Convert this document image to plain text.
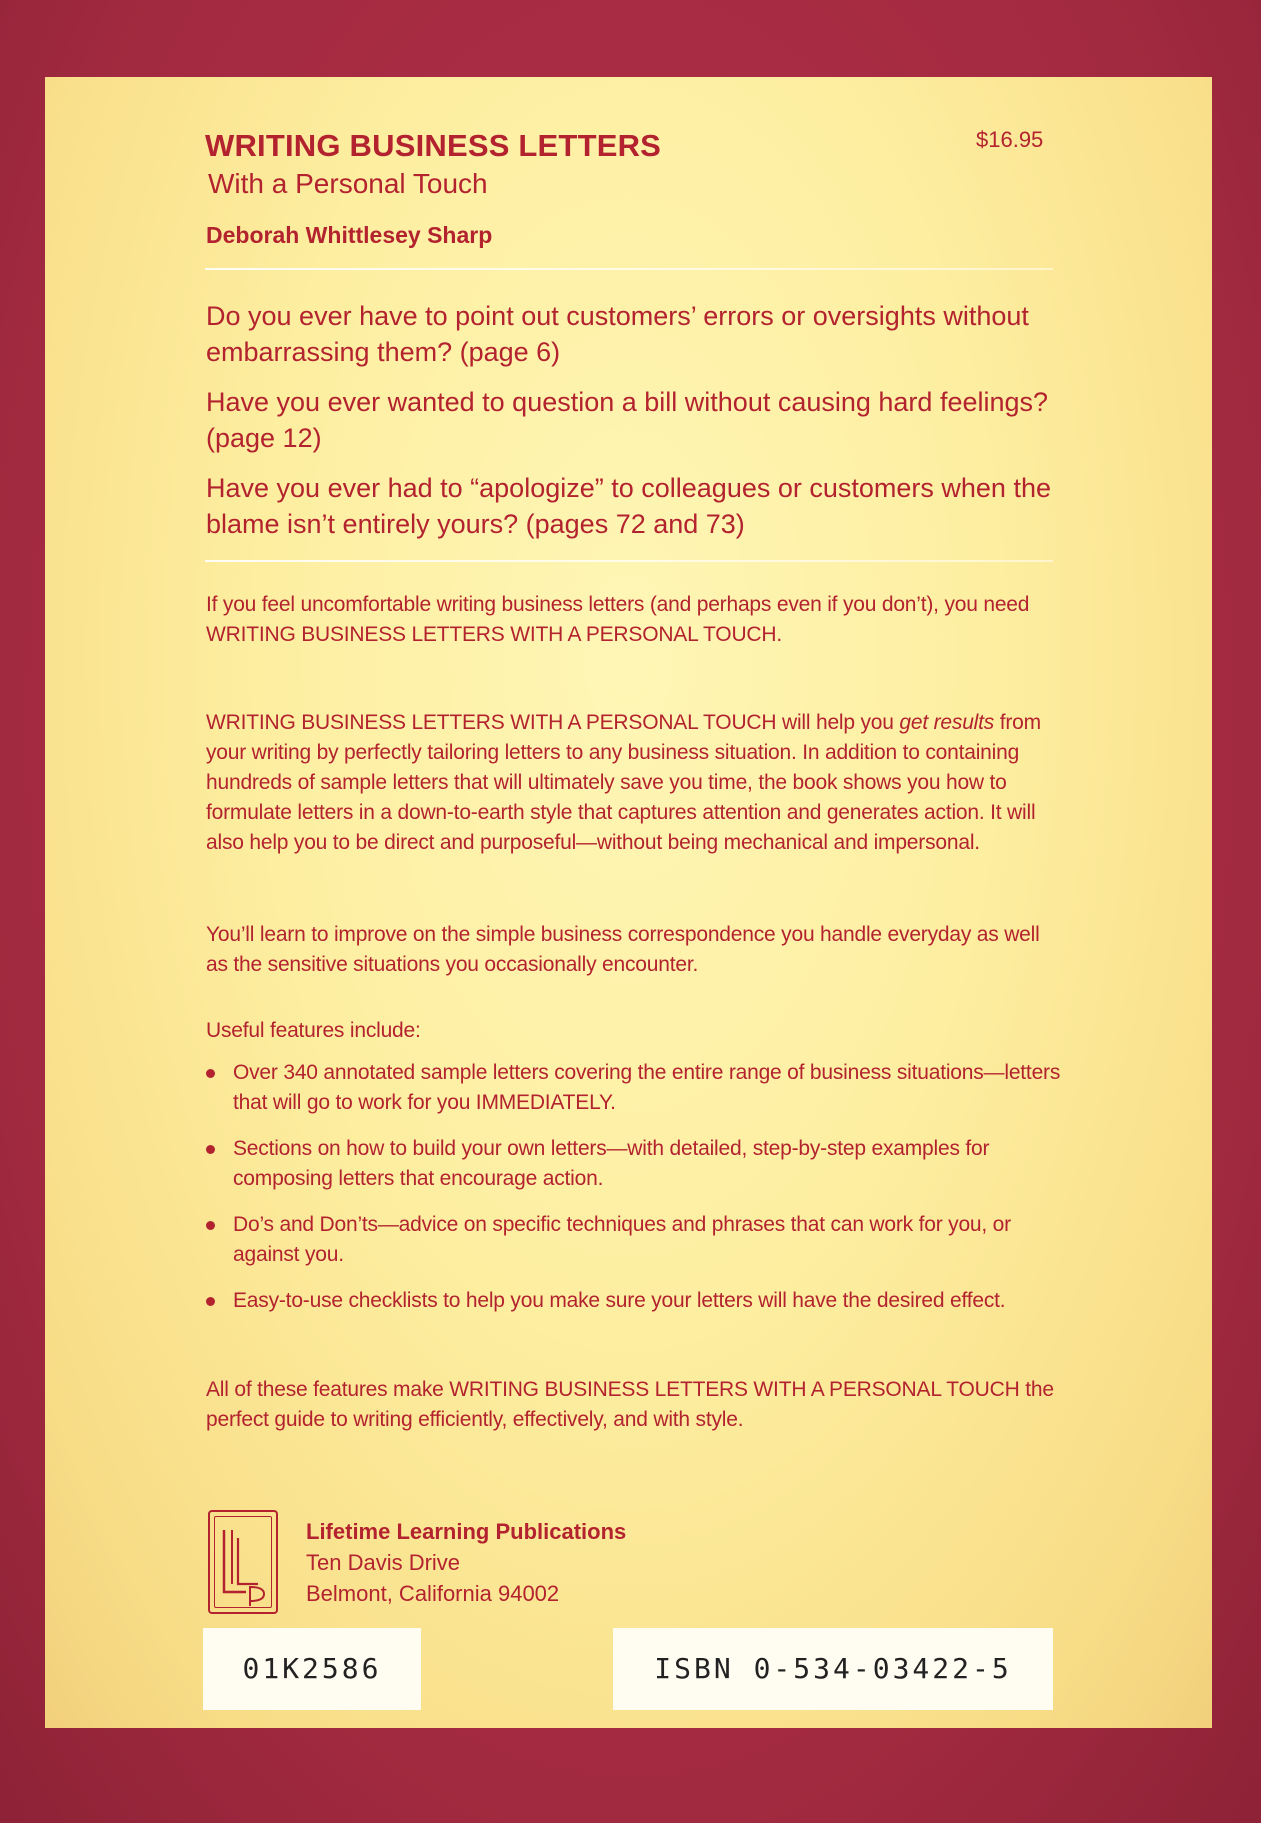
WRITING BUSINESS LETTERS	$16.95
With a Personal Touch
Deborah Whittlesey Sharp
Do you ever have to point out customers’ errors or oversights without embarrassing them? (page 6)
Have you ever wanted to question a bill without causing hard feelings? (page 12)
Have you ever had to “apologize” to colleagues or customers when the blame isn’t entirely yours? (pages 72 and 73)
If you feel uncomfortable writing business letters (and perhaps even if you don’t), you need WRITING BUSINESS LETTERS WITH A PERSONAL TOUCH.
WRITING BUSINESS LETTERS WITH A PERSONAL TOUCH will help you get results from your writing by perfectly tailoring letters to any business situation. In addition to containing hundreds of sample letters that will ultimately save you time, the book shows you how to formulate letters in a down-to-earth style that captures attention and generates action. It will also help you to be direct and purposeful—without being mechanical and impersonal.
You’ll learn to improve on the simple business correspondence you handle everyday as well as the sensitive situations you occasionally encounter.
Useful features include:
Over 340 annotated sample letters covering the entire range of business situations—letters that will go to work for you IMMEDIATELY.
Sections on how to build your own letters—with detailed, step-by-step examples for composing letters that encourage action.
Do’s and Don’ts—advice on specific techniques and phrases that can work for you, or against you.
Easy-to-use checklists to help you make sure your letters will have the desired effect.
All of these features make WRITING BUSINESS LETTERS WITH A PERSONAL TOUCH the perfect guide to writing efficiently, effectively, and with style.
Lifetime Learning Publications
Ten Davis Drive
Belmont, California 94002
01K2586	ISBN 0-534-03422-5
